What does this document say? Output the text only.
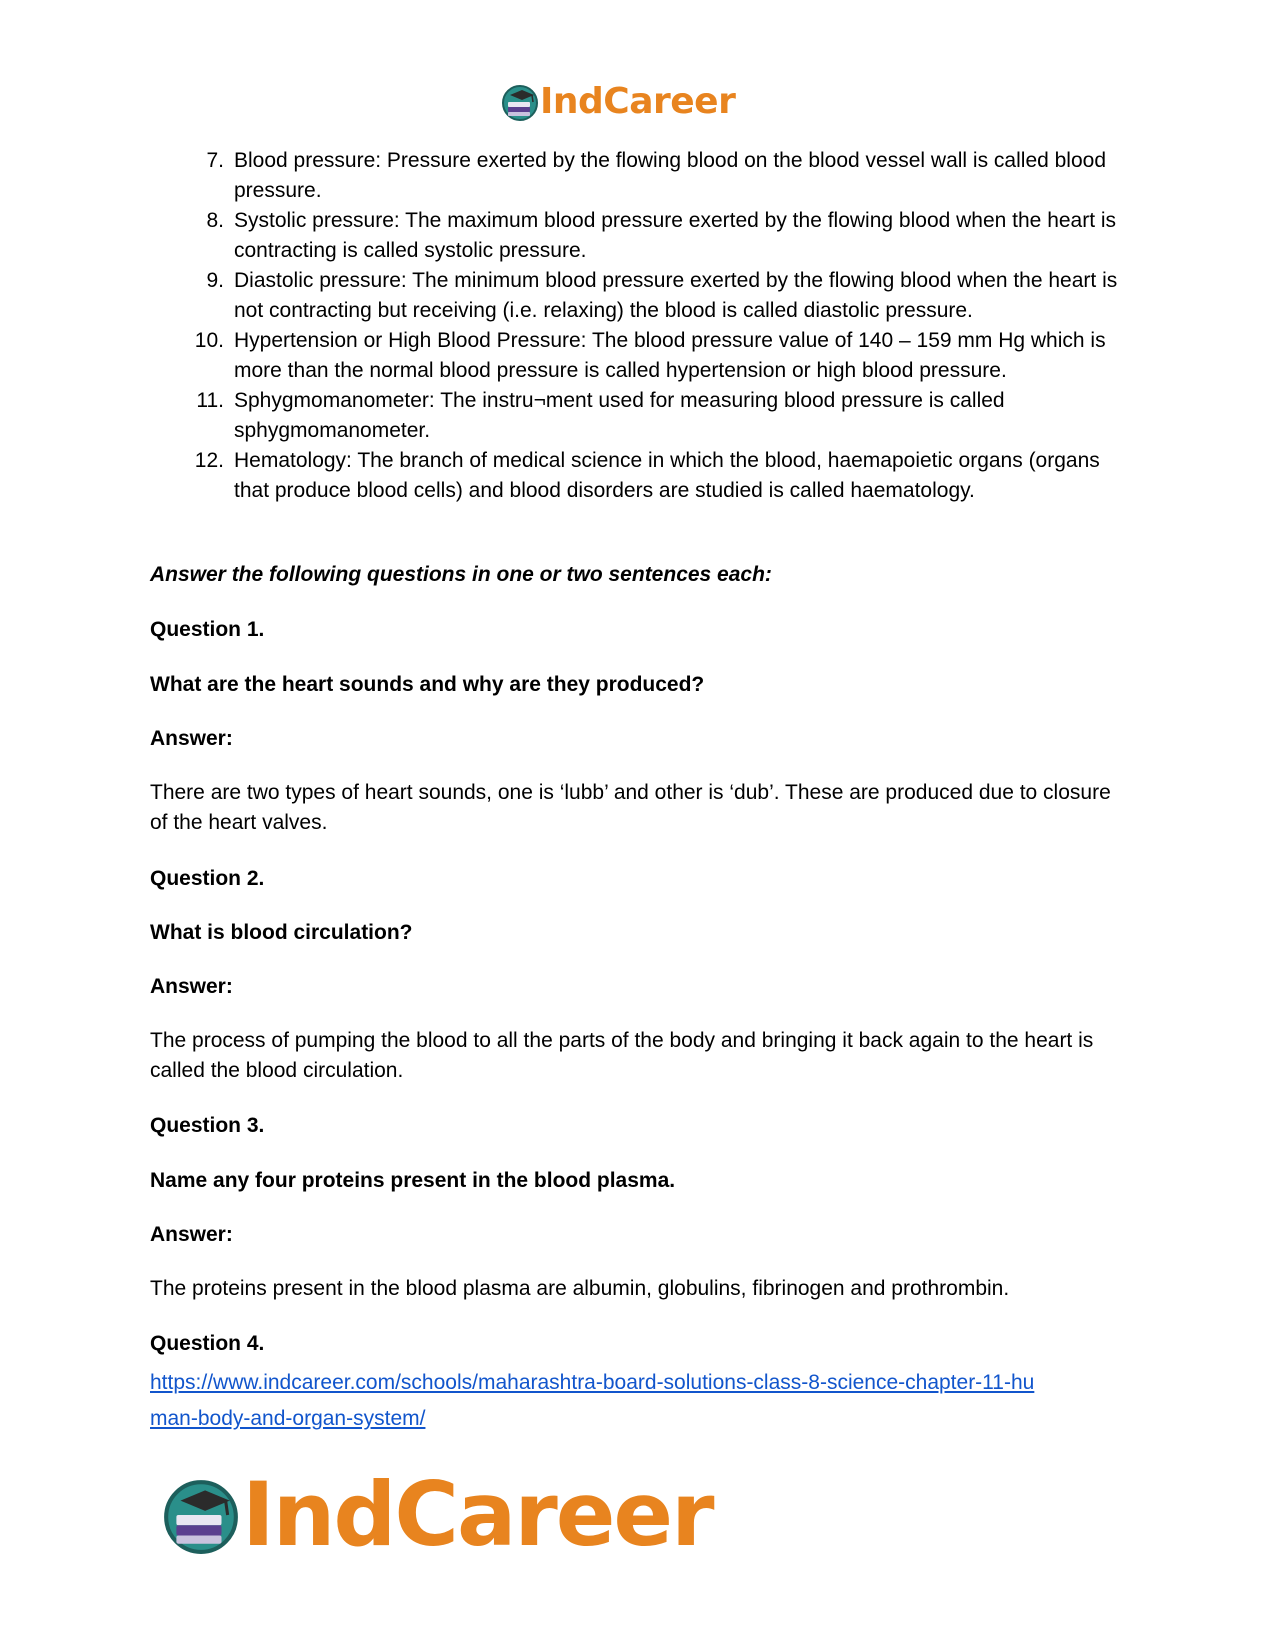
IndCareer
7. Blood pressure: Pressure exerted by the flowing blood on the blood vessel wall is called blood pressure.
8. Systolic pressure: The maximum blood pressure exerted by the flowing blood when the heart is contracting is called systolic pressure.
9. Diastolic pressure: The minimum blood pressure exerted by the flowing blood when the heart is not contracting but receiving (i.e. relaxing) the blood is called diastolic pressure.
10. Hypertension or High Blood Pressure: The blood pressure value of 140 – 159 mm Hg which is more than the normal blood pressure is called hypertension or high blood pressure.
11. Sphygmomanometer: The instru¬ment used for measuring blood pressure is called sphygmomanometer.
12. Hematology: The branch of medical science in which the blood, haemapoietic organs (organs that produce blood cells) and blood disorders are studied is called haematology.
Answer the following questions in one or two sentences each:
Question 1.
What are the heart sounds and why are they produced?
Answer:
There are two types of heart sounds, one is ‘lubb’ and other is ‘dub’. These are produced due to closure of the heart valves.
Question 2.
What is blood circulation?
Answer:
The process of pumping the blood to all the parts of the body and bringing it back again to the heart is called the blood circulation.
Question 3.
Name any four proteins present in the blood plasma.
Answer:
The proteins present in the blood plasma are albumin, globulins, fibrinogen and prothrombin.
Question 4.
https://www.indcareer.com/schools/maharashtra-board-solutions-class-8-science-chapter-11-hu
man-body-and-organ-system/
IndCareer
